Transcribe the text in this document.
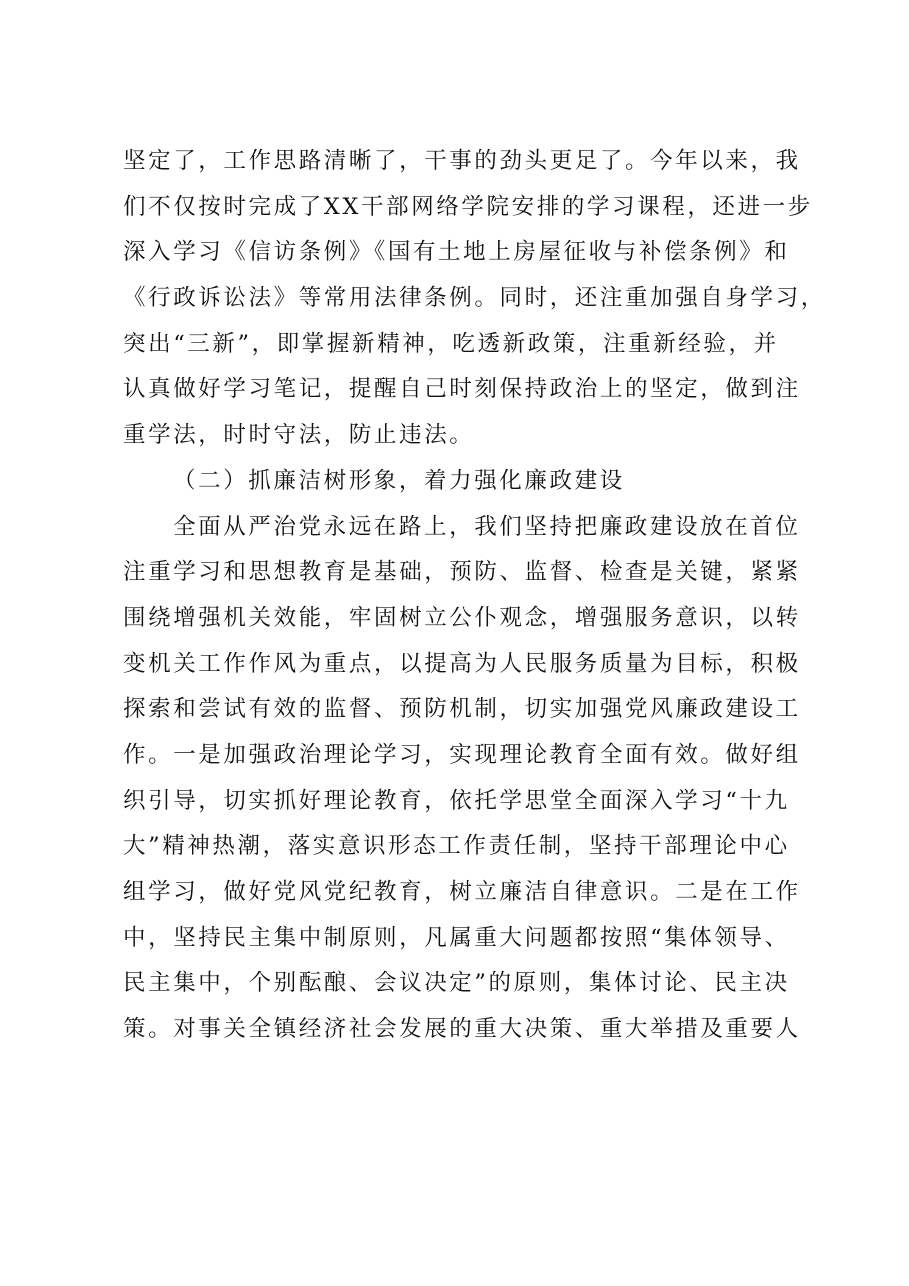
坚定了，工作思路清晰了，干事的劲头更足了。今年以来，我

们不仅按时完成了XX干部网络学院安排的学习课程，还进一步

深入学习《信访条例》《国有土地上房屋征收与补偿条例》和

《行政诉讼法》等常用法律条例。同时，还注重加强自身学习，

突出“三新”，即掌握新精神，吃透新政策，注重新经验，并

认真做好学习笔记，提醒自己时刻保持政治上的坚定，做到注

重学法，时时守法，防止违法。

（二）抓廉洁树形象，着力强化廉政建设

全面从严治党永远在路上，我们坚持把廉政建设放在首位

注重学习和思想教育是基础，预防、监督、检查是关键，紧紧

围绕增强机关效能，牢固树立公仆观念，增强服务意识，以转

变机关工作作风为重点，以提高为人民服务质量为目标，积极

探索和尝试有效的监督、预防机制，切实加强党风廉政建设工

作。一是加强政治理论学习，实现理论教育全面有效。做好组

织引导，切实抓好理论教育，依托学思堂全面深入学习“十九

大”精神热潮，落实意识形态工作责任制，坚持干部理论中心

组学习，做好党风党纪教育，树立廉洁自律意识。二是在工作

中，坚持民主集中制原则，凡属重大问题都按照“集体领导、

民主集中，个别酝酿、会议决定”的原则，集体讨论、民主决

策。对事关全镇经济社会发展的重大决策、重大举措及重要人
